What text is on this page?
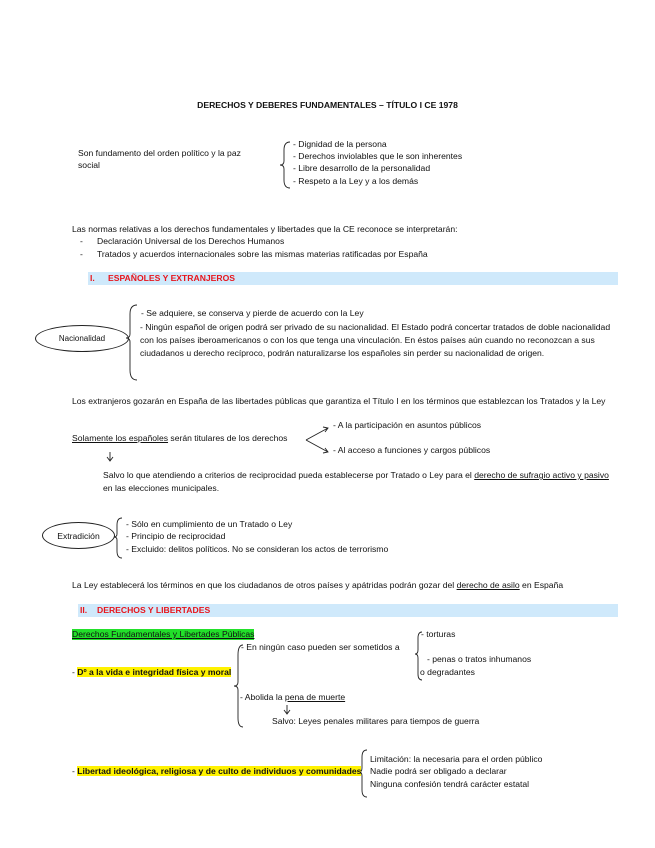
DERECHOS Y DEBERES FUNDAMENTALES – TÍTULO I CE 1978
Son fundamento del orden político y la paz
social
- Dignidad de la persona
- Derechos inviolables que le son inherentes
- Libre desarrollo de la personalidad
- Respeto a la Ley y a los demás
Las normas relativas a los derechos fundamentales y libertades que la CE reconoce se interpretarán:
- Declaración Universal de los Derechos Humanos
- Tratados y acuerdos internacionales sobre las mismas materias ratificadas por España
I. ESPAÑOLES Y EXTRANJEROS
Nacionalidad
- Se adquiere, se conserva y pierde de acuerdo con la Ley
- Ningún español de origen podrá ser privado de su nacionalidad. El Estado podrá concertar tratados de doble nacionalidad con los países iberoamericanos o con los que tenga una vinculación. En éstos países aún cuando no reconozcan a sus ciudadanos u derecho recíproco, podrán naturalizarse los españoles sin perder su nacionalidad de origen.
Los extranjeros gozarán en España de las libertades públicas que garantiza el Título I en los términos que establezcan los Tratados y la Ley
Solamente los españoles serán titulares de los derechos
- A la participación en asuntos públicos
- Al acceso a funciones y cargos públicos
Salvo lo que atendiendo a criterios de reciprocidad pueda establecerse por Tratado o Ley para el derecho de sufragio activo y pasivo en las elecciones municipales.
Extradición
- Sólo en cumplimiento de un Tratado o Ley
- Principio de reciprocidad
- Excluido: delitos políticos. No se consideran los actos de terrorismo
La Ley establecerá los términos en que los ciudadanos de otros países y apátridas podrán gozar del derecho de asilo en España
II. DERECHOS Y LIBERTADES
Derechos Fundamentales y Libertades Públicas
- Dº a la vida e integridad física y moral
- En ningún caso pueden ser sometidos a
- torturas
- penas o tratos inhumanos
o degradantes
- Abolida la pena de muerte
Salvo: Leyes penales militares para tiempos de guerra
- Libertad ideológica, religiosa y de culto de individuos y comunidades
Limitación: la necesaria para el orden público
Nadie podrá ser obligado a declarar
Ninguna confesión tendrá carácter estatal
